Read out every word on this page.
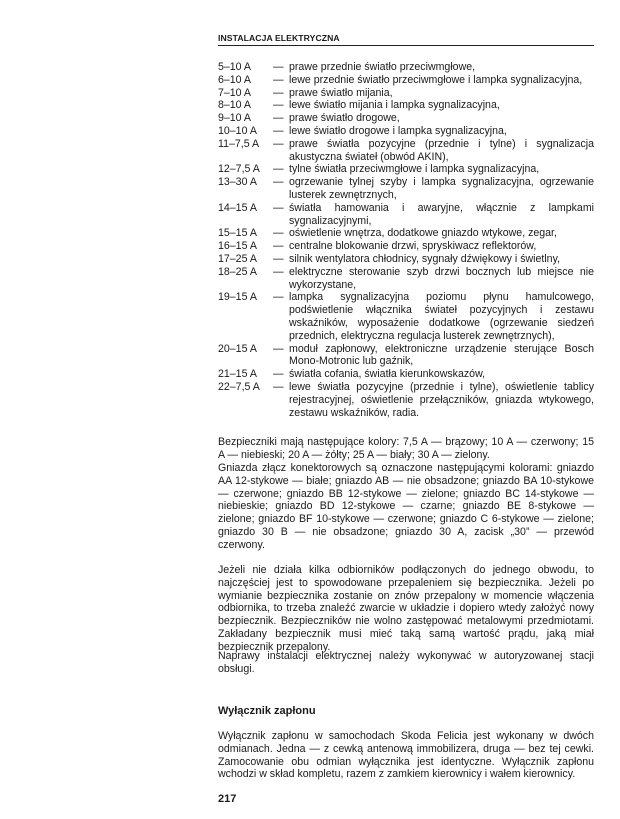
INSTALACJA ELEKTRYCZNA
5–10 A	— prawe przednie światło przeciwmgłowe,
6–10 A	— lewe przednie światło przeciwmgłowe i lampka sygnalizacyjna,
7–10 A	— prawe światło mijania,
8–10 A	— lewe światło mijania i lampka sygnalizacyjna,
9–10 A	— prawe światło drogowe,
10–10 A	— lewe światło drogowe i lampka sygnalizacyjna,
11–7,5 A	— prawe światła pozycyjne (przednie i tylne) i sygnalizacja akustyczna świateł (obwód AKIN),
12–7,5 A	— tylne światła przeciwmgłowe i lampka sygnalizacyjna,
13–30 A	— ogrzewanie tylnej szyby i lampka sygnalizacyjna, ogrzewanie lusterek zewnętrznych,
14–15 A	— światła hamowania i awaryjne, włącznie z lampkami sygnalizacyjnymi,
15–15 A	— oświetlenie wnętrza, dodatkowe gniazdo wtykowe, zegar,
16–15 A	— centralne blokowanie drzwi, spryskiwacz reflektorów,
17–25 A	— silnik wentylatora chłodnicy, sygnały dźwiękowy i świetlny,
18–25 A	— elektryczne sterowanie szyb drzwi bocznych lub miejsce nie wykorzystane,
19–15 A	— lampka sygnalizacyjna poziomu płynu hamulcowego, podświetlenie włącznika świateł pozycyjnych i zestawu wskaźników, wyposażenie dodatkowe (ogrzewanie siedzeń przednich, elektryczna regulacja lusterek zewnętrznych),
20–15 A	— moduł zapłonowy, elektroniczne urządzenie sterujące Bosch Mono-Motronic lub gaźnik,
21–15 A	— światła cofania, światła kierunkowskazów,
22–7,5 A	— lewe światła pozycyjne (przednie i tylne), oświetlenie tablicy rejestracyjnej, oświetlenie przełączników, gniazda wtykowego, zestawu wskaźników, radia.

Bezpieczniki mają następujące kolory: 7,5 A — brązowy; 10 A — czerwony; 15 A — niebieski; 20 A — żółty; 25 A — biały; 30 A — zielony.

Gniazda złącz konektorowych są oznaczone następującymi kolorami: gniazdo AA 12-stykowe — białe; gniazdo AB — nie obsadzone; gniazdo BA 10-stykowe — czerwone; gniazdo BB 12-stykowe — zielone; gniazdo BC 14-stykowe — niebieskie; gniazdo BD 12-stykowe — czarne; gniazdo BE 8-stykowe — zielone; gniazdo BF 10-stykowe — czerwone; gniazdo C 6-stykowe — zielone; gniazdo 30 B — nie obsadzone; gniazdo 30 A, zacisk „30” — przewód czerwony.

Jeżeli nie działa kilka odbiorników podłączonych do jednego obwodu, to najczęściej jest to spowodowane przepaleniem się bezpiecznika. Jeżeli po wymianie bezpiecznika zostanie on znów przepalony w momencie włączenia odbiornika, to trzeba znaleźć zwarcie w układzie i dopiero wtedy założyć nowy bezpiecznik. Bezpieczników nie wolno zastępować metalowymi przedmiotami. Zakładany bezpiecznik musi mieć taką samą wartość prądu, jaką miał bezpiecznik przepalony.

Naprawy instalacji elektrycznej należy wykonywać w autoryzowanej stacji obsługi.

Wyłącznik zapłonu

Wyłącznik zapłonu w samochodach Skoda Felicia jest wykonany w dwóch odmianach. Jedna — z cewką antenową immobilizera, druga — bez tej cewki. Zamocowanie obu odmian wyłącznika jest identyczne. Wyłącznik zapłonu wchodzi w skład kompletu, razem z zamkiem kierownicy i wałem kierownicy.

217
